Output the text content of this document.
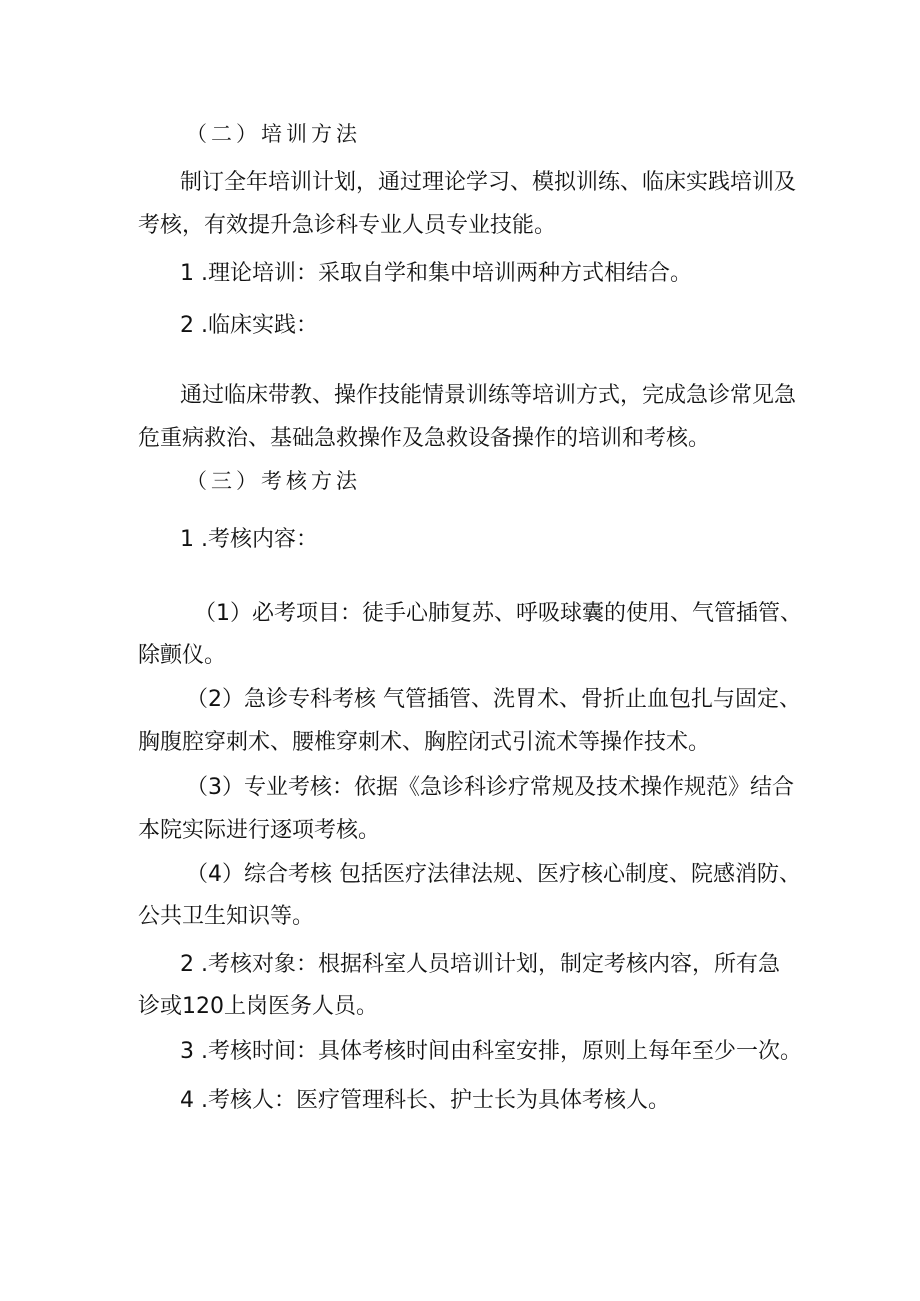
（二）培训方法

制订全年培训计划，通过理论学习、模拟训练、临床实践培训及

考核，有效提升急诊科专业人员专业技能。

1 .理论培训：采取自学和集中培训两种方式相结合。

2 .临床实践：

通过临床带教、操作技能情景训练等培训方式，完成急诊常见急

危重病救治、基础急救操作及急救设备操作的培训和考核。

（三）考核方法

1 .考核内容：

（1）必考项目：徒手心肺复苏、呼吸球囊的使用、气管插管、

除颤仪。

（2）急诊专科考核 气管插管、洗胃术、骨折止血包扎与固定、

胸腹腔穿刺术、腰椎穿刺术、胸腔闭式引流术等操作技术。

（3）专业考核：依据《急诊科诊疗常规及技术操作规范》结合

本院实际进行逐项考核。

（4）综合考核 包括医疗法律法规、医疗核心制度、院感消防、

公共卫生知识等。

2 .考核对象：根据科室人员培训计划，制定考核内容，所有急

诊或120上岗医务人员。

3 .考核时间：具体考核时间由科室安排，原则上每年至少一次。

4 .考核人：医疗管理科长、护士长为具体考核人。
